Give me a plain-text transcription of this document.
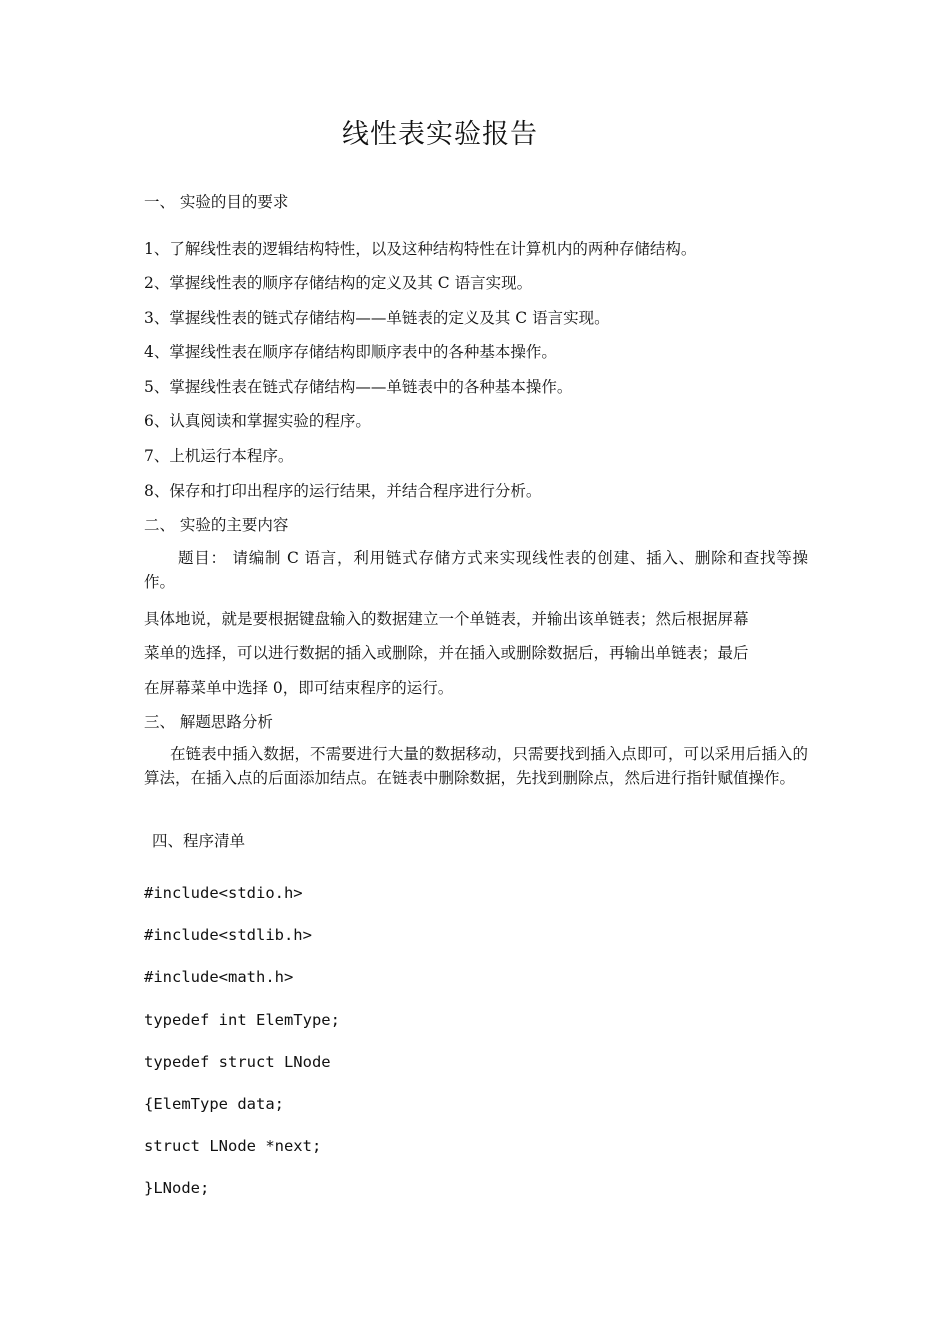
线性表实验报告
一、 实验的目的要求
1、了解线性表的逻辑结构特性，以及这种结构特性在计算机内的两种存储结构。
2、掌握线性表的顺序存储结构的定义及其 C 语言实现。
3、掌握线性表的链式存储结构——单链表的定义及其 C 语言实现。
4、掌握线性表在顺序存储结构即顺序表中的各种基本操作。
5、掌握线性表在链式存储结构——单链表中的各种基本操作。
6、认真阅读和掌握实验的程序。
7、上机运行本程序。
8、保存和打印出程序的运行结果，并结合程序进行分析。
二、 实验的主要内容
题目： 请编制 C 语言，利用链式存储方式来实现线性表的创建、插入、删除和查找等操作。
具体地说，就是要根据键盘输入的数据建立一个单链表，并输出该单链表；然后根据屏幕
菜单的选择，可以进行数据的插入或删除，并在插入或删除数据后，再输出单链表；最后
在屏幕菜单中选择 0，即可结束程序的运行。
三、 解题思路分析
在链表中插入数据，不需要进行大量的数据移动，只需要找到插入点即可，可以采用后插入的算法，在插入点的后面添加结点。在链表中删除数据，先找到删除点，然后进行指针赋值操作。
四、程序清单
#include<stdio.h>
#include<stdlib.h>
#include<math.h>
typedef int ElemType;
typedef struct LNode
{ElemType data;
struct LNode *next;
}LNode;
